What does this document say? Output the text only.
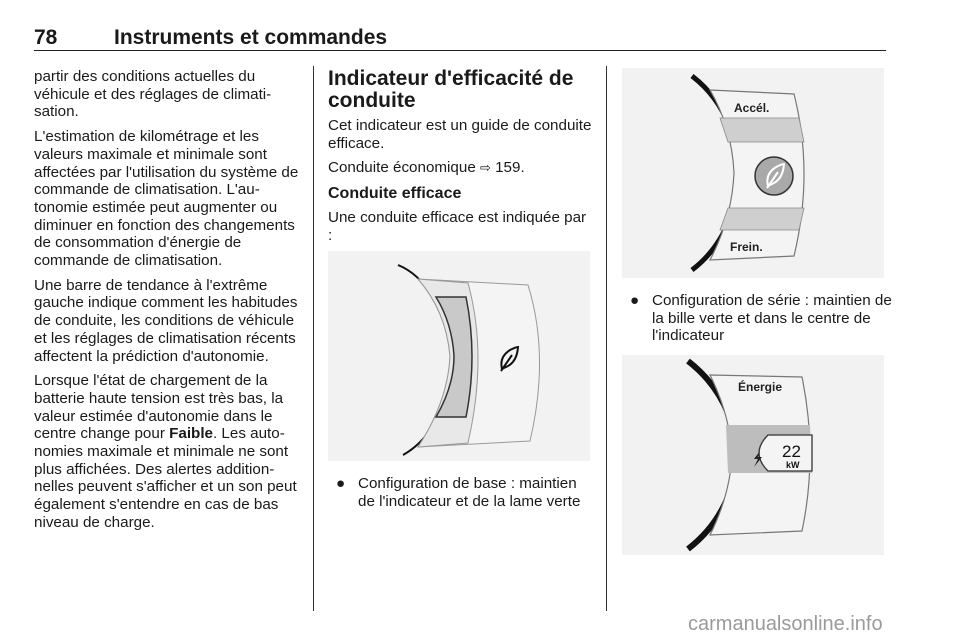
78	Instruments et commandes

partir des conditions actuelles du véhicule et des réglages de climatisation.

L'estimation de kilométrage et les valeurs maximale et minimale sont affectées par l'utilisation du système de commande de climatisation. L'autonomie estimée peut augmenter ou diminuer en fonction des changements de consommation d'énergie de commande de climatisation.

Une barre de tendance à l'extrême gauche indique comment les habitudes de conduite, les conditions de véhicule et les réglages de climatisation récents affectent la prédiction d'autonomie.

Lorsque l'état de chargement de la batterie haute tension est très bas, la valeur estimée d'autonomie dans le centre change pour Faible. Les autonomies maximale et minimale ne sont plus affichées. Des alertes additionnelles peuvent s'afficher et un son peut également s'entendre en cas de bas niveau de charge.

Indicateur d'efficacité de conduite

Cet indicateur est un guide de conduite efficace.

Conduite économique ⇨ 159.

Conduite efficace

Une conduite efficace est indiquée par :

● Configuration de base : maintien de l'indicateur et de la lame verte
Accél.
Frein.
● Configuration de série : maintien de la bille verte et dans le centre de l'indicateur
Énergie
22
kW
carmanualsonline.info
